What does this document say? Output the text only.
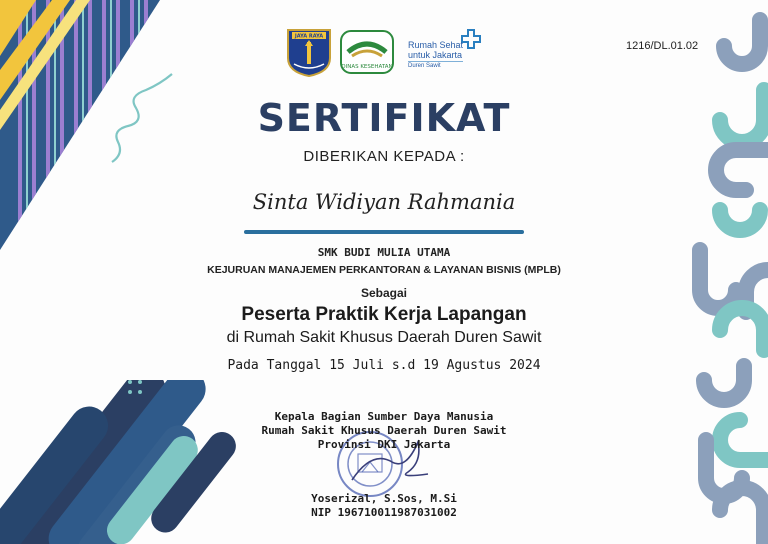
JAYA RAYA
DINAS KESEHATAN
Rumah Sehat
untuk Jakarta
Duren Sawit
1216/DL.01.02
SERTIFIKAT
DIBERIKAN KEPADA :
Sinta Widiyan Rahmania
SMK BUDI MULIA UTAMA
KEJURUAN MANAJEMEN PERKANTORAN & LAYANAN BISNIS (MPLB)
Sebagai
Peserta Praktik Kerja Lapangan
di Rumah Sakit Khusus Daerah Duren Sawit
Pada Tanggal 15 Juli s.d 19 Agustus 2024
Kepala Bagian Sumber Daya Manusia
Rumah Sakit Khusus Daerah Duren Sawit
Provinsi DKI Jakarta
Yoserizal, S.Sos, M.Si
NIP 196710011987031002
